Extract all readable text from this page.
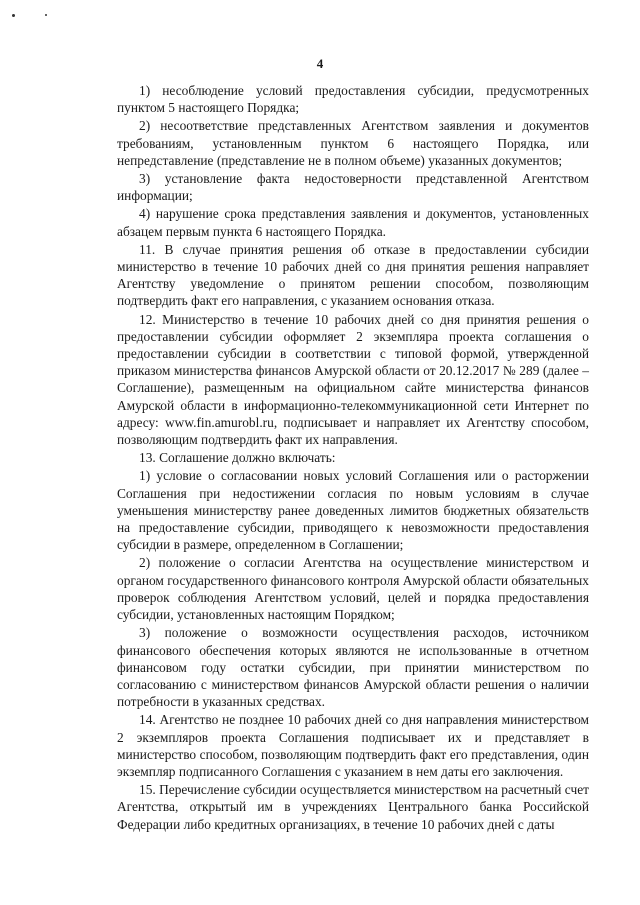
4

1) несоблюдение условий предоставления субсидии, предусмотренных пунктом 5 настоящего Порядка;

2) несоответствие представленных Агентством заявления и документов требованиям, установленным пунктом 6 настоящего Порядка, или непредставление (представление не в полном объеме) указанных документов;

3) установление факта недостоверности представленной Агентством информации;

4) нарушение срока представления заявления и документов, установленных абзацем первым пункта 6 настоящего Порядка.

11. В случае принятия решения об отказе в предоставлении субсидии министерство в течение 10 рабочих дней со дня принятия решения направляет Агентству уведомление о принятом решении способом, позволяющим подтвердить факт его направления, с указанием основания отказа.

12. Министерство в течение 10 рабочих дней со дня принятия решения о предоставлении субсидии оформляет 2 экземпляра проекта соглашения о предоставлении субсидии в соответствии с типовой формой, утвержденной приказом министерства финансов Амурской области от 20.12.2017 № 289 (далее – Соглашение), размещенным на официальном сайте министерства финансов Амурской области в информационно-телекоммуникационной сети Интернет по адресу: www.fin.amurobl.ru, подписывает и направляет их Агентству способом, позволяющим подтвердить факт их направления.

13. Соглашение должно включать:

1) условие о согласовании новых условий Соглашения или о расторжении Соглашения при недостижении согласия по новым условиям в случае уменьшения министерству ранее доведенных лимитов бюджетных обязательств на предоставление субсидии, приводящего к невозможности предоставления субсидии в размере, определенном в Соглашении;

2) положение о согласии Агентства на осуществление министерством и органом государственного финансового контроля Амурской области обязательных проверок соблюдения Агентством условий, целей и порядка предоставления субсидии, установленных настоящим Порядком;

3) положение о возможности осуществления расходов, источником финансового обеспечения которых являются не использованные в отчетном финансовом году остатки субсидии, при принятии министерством по согласованию с министерством финансов Амурской области решения о наличии потребности в указанных средствах.

14. Агентство не позднее 10 рабочих дней со дня направления министерством 2 экземпляров проекта Соглашения подписывает их и представляет в министерство способом, позволяющим подтвердить факт его представления, один экземпляр подписанного Соглашения с указанием в нем даты его заключения.

15. Перечисление субсидии осуществляется министерством на расчетный счет Агентства, открытый им в учреждениях Центрального банка Российской Федерации либо кредитных организациях, в течение 10 рабочих дней с даты
